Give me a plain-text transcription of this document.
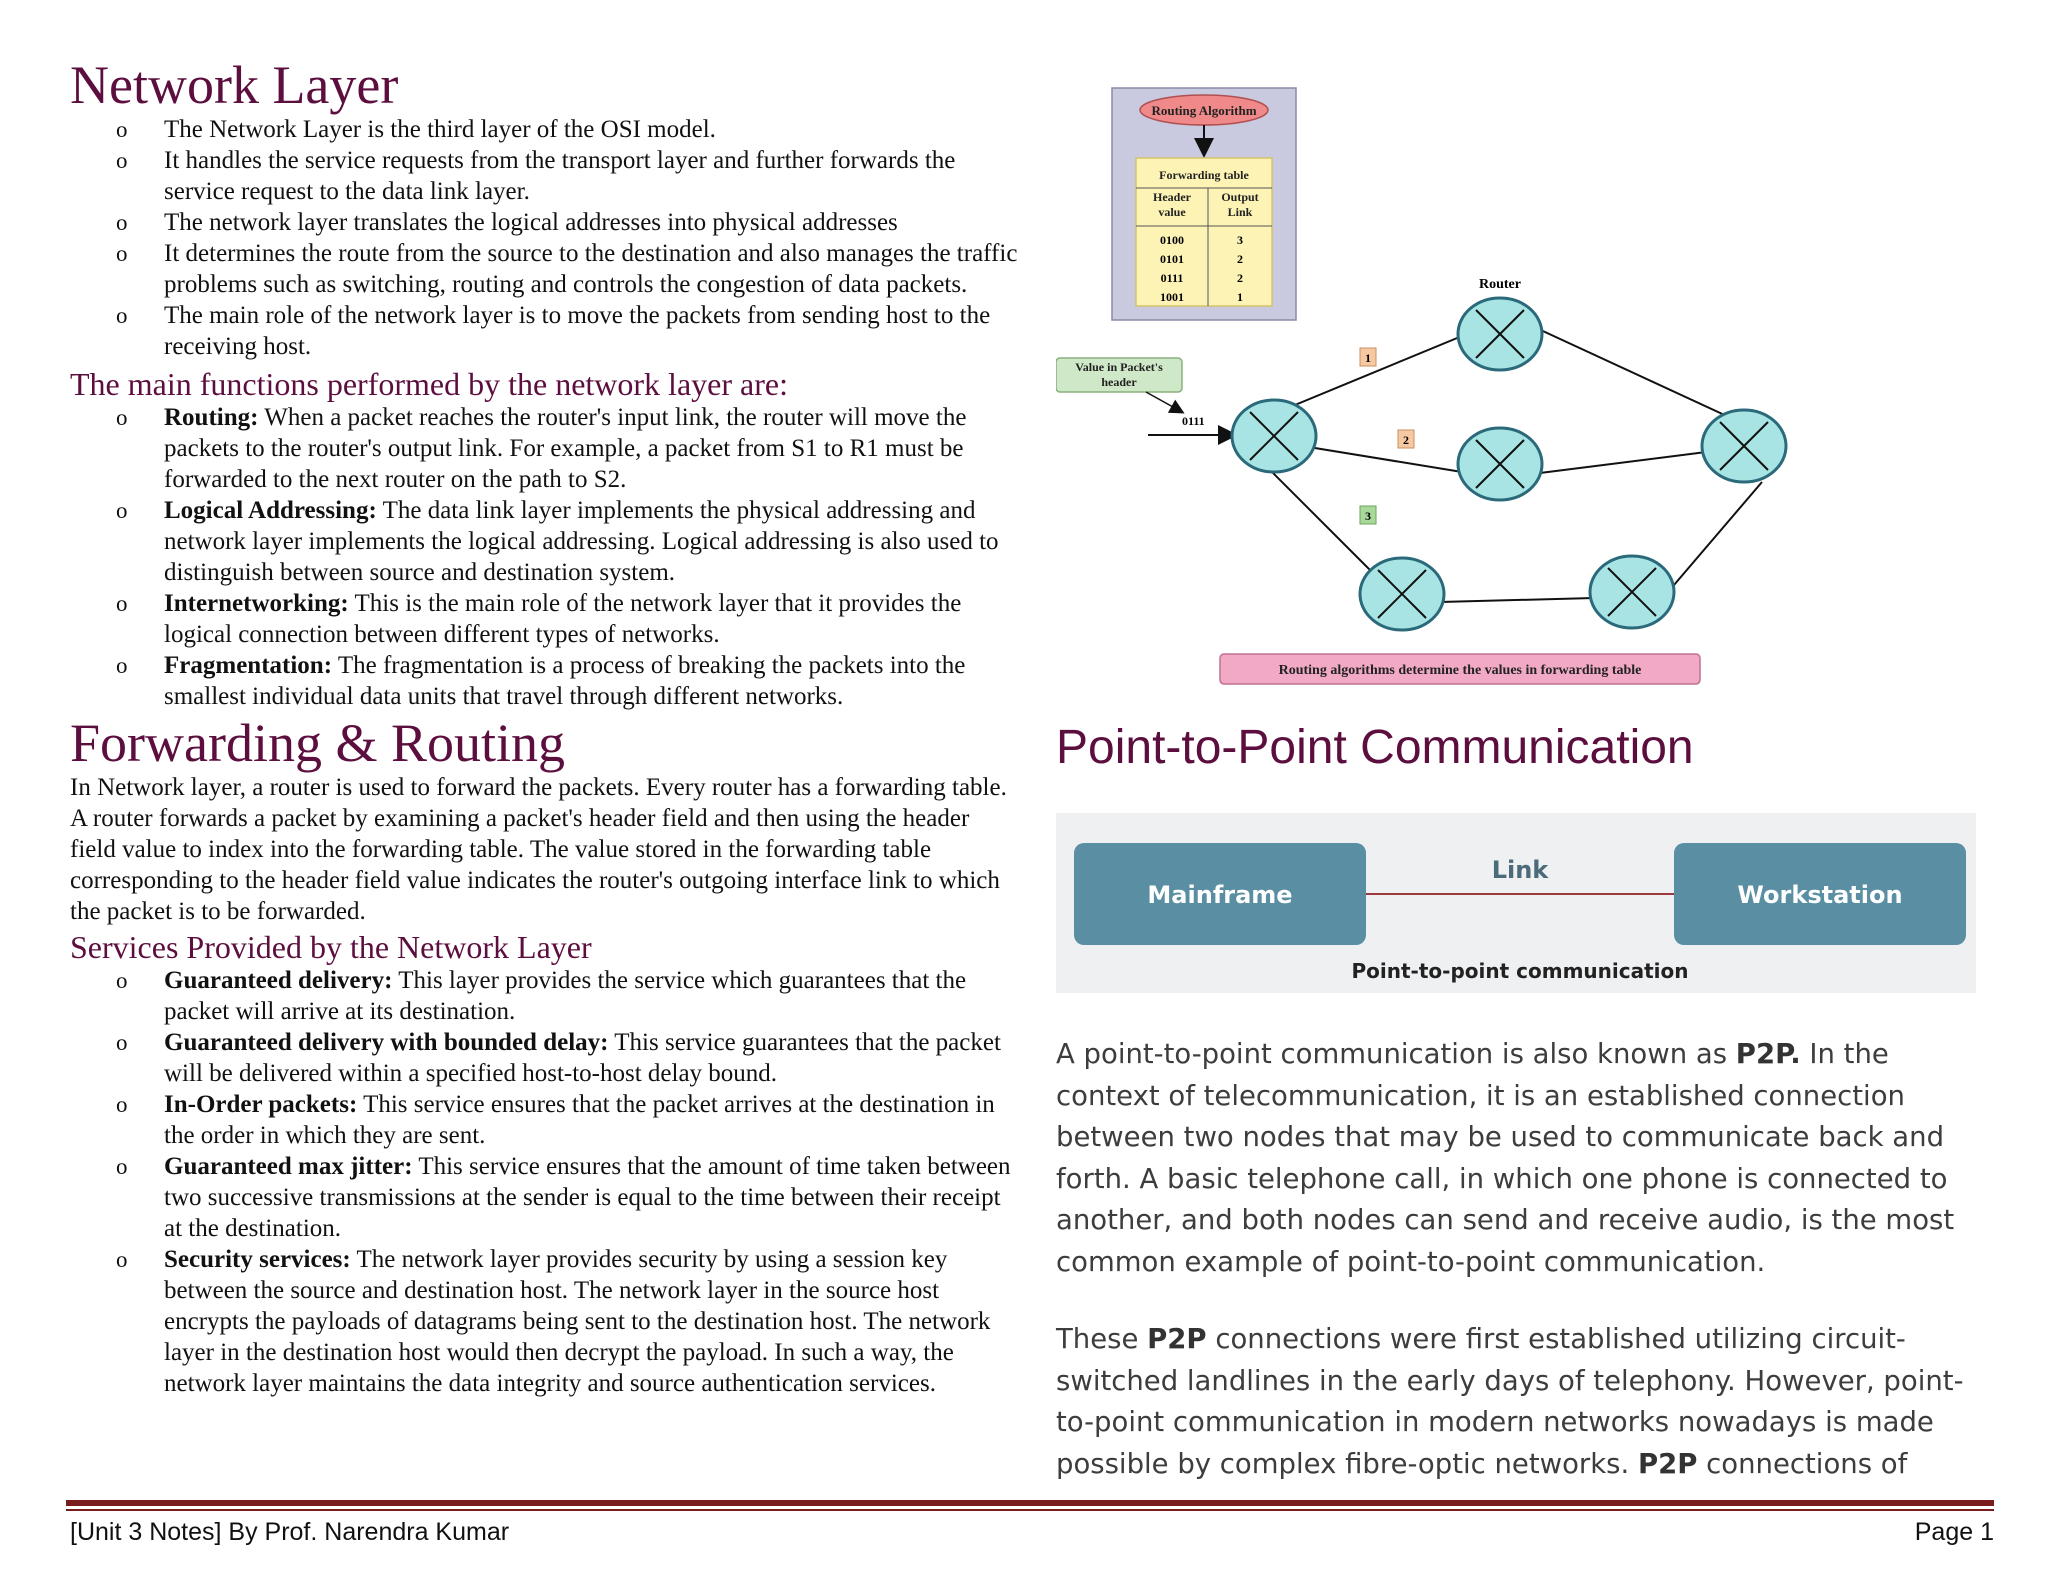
Network Layer
o The Network Layer is the third layer of the OSI model.
o It handles the service requests from the transport layer and further forwards the service request to the data link layer.
o The network layer translates the logical addresses into physical addresses
o It determines the route from the source to the destination and also manages the traffic problems such as switching, routing and controls the congestion of data packets.
o The main role of the network layer is to move the packets from sending host to the receiving host.
The main functions performed by the network layer are:
o Routing: When a packet reaches the router's input link, the router will move the packets to the router's output link. For example, a packet from S1 to R1 must be forwarded to the next router on the path to S2.
o Logical Addressing: The data link layer implements the physical addressing and network layer implements the logical addressing. Logical addressing is also used to distinguish between source and destination system.
o Internetworking: This is the main role of the network layer that it provides the logical connection between different types of networks.
o Fragmentation: The fragmentation is a process of breaking the packets into the smallest individual data units that travel through different networks.
Forwarding & Routing

In Network layer, a router is used to forward the packets. Every router has a forwarding table. A router forwards a packet by examining a packet's header field and then using the header field value to index into the forwarding table. The value stored in the forwarding table corresponding to the header field value indicates the router's outgoing interface link to which the packet is to be forwarded.

Services Provided by the Network Layer
o Guaranteed delivery: This layer provides the service which guarantees that the packet will arrive at its destination.
o Guaranteed delivery with bounded delay: This service guarantees that the packet will be delivered within a specified host-to-host delay bound.
o In-Order packets: This service ensures that the packet arrives at the destination in the order in which they are sent.
o Guaranteed max jitter: This service ensures that the amount of time taken between two successive transmissions at the sender is equal to the time between their receipt at the destination.
o Security services: The network layer provides security by using a session key between the source and destination host. The network layer in the source host encrypts the payloads of datagrams being sent to the destination host. The network layer in the destination host would then decrypt the payload. In such a way, the network layer maintains the data integrity and source authentication services.
Routing Algorithm
Forwarding table
Header value
Output Link
0100	3
0101	2
0111	2
1001	1
Value in Packet's header
0111
1
2
3
Router
Routing algorithms determine the values in forwarding table
Point-to-Point Communication
Mainframe	Workstation
Link
Point-to-point communication

A point-to-point communication is also known as P2P. In the context of telecommunication, it is an established connection between two nodes that may be used to communicate back and forth. A basic telephone call, in which one phone is connected to another, and both nodes can send and receive audio, is the most common example of point-to-point communication.

These P2P connections were first established utilizing circuit-switched landlines in the early days of telephony. However, point-to-point communication in modern networks nowadays is made possible by complex fibre-optic networks. P2P connections of

[Unit 3 Notes] By Prof. Narendra Kumar	Page 1
